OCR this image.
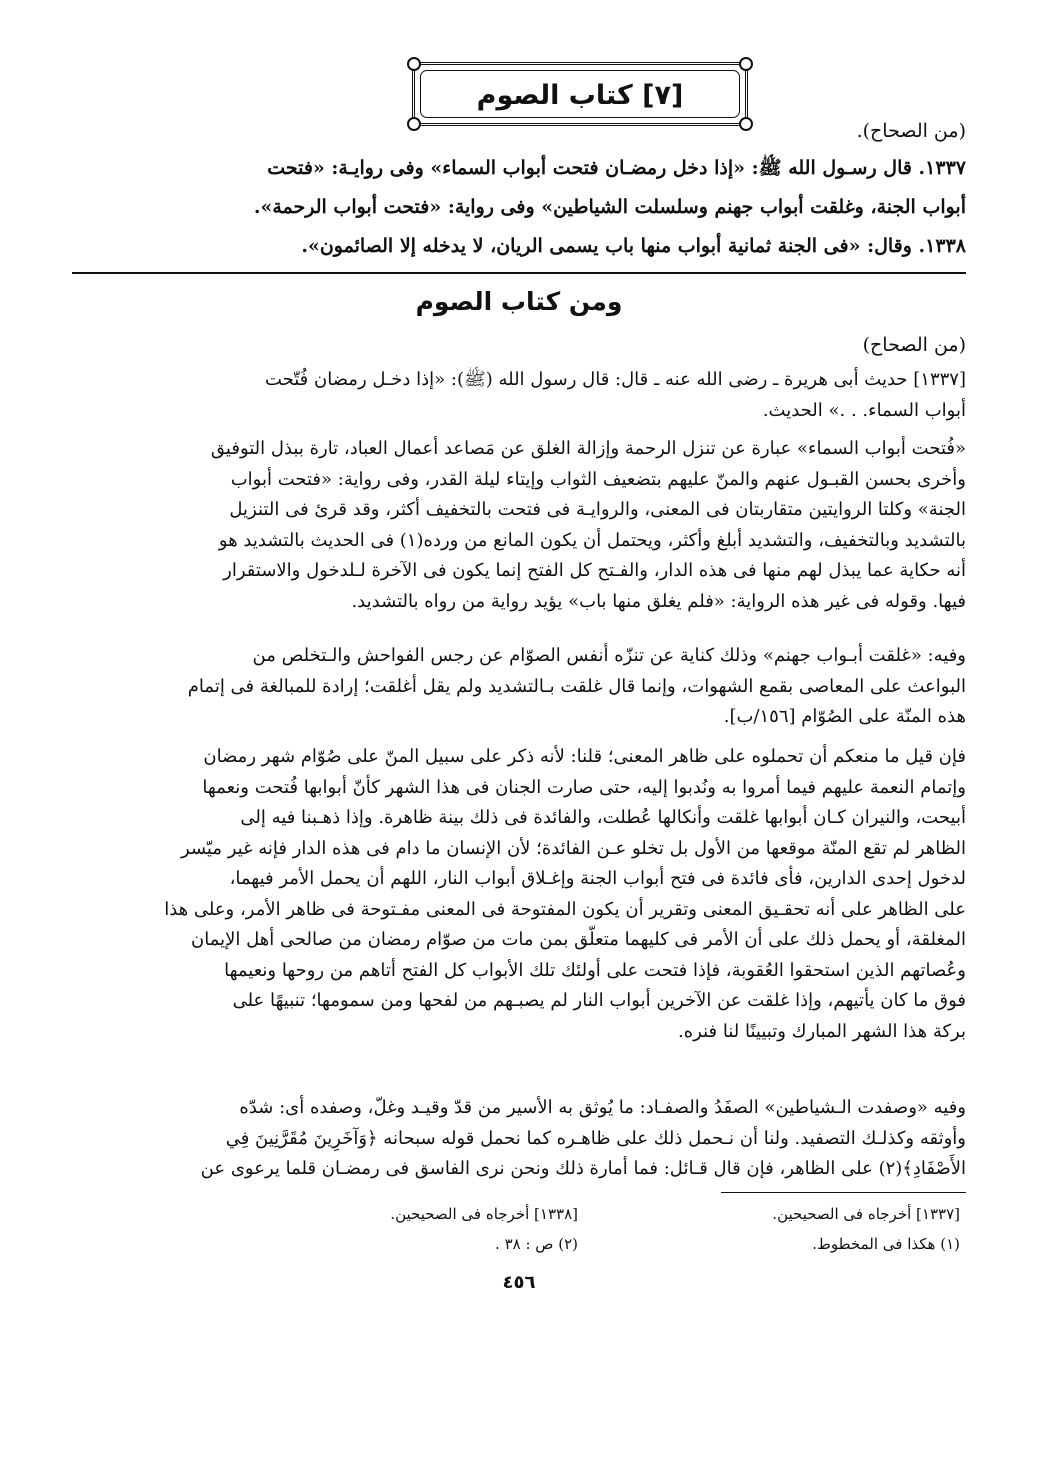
[٧] كتاب الصوم
(من الصحاح).
١٣٣٧. قال رسـول الله ﷺ: «إذا دخل رمضـان فتحت أبواب السماء» وفى روايـة: «فتحت
أبواب الجنة، وغلقت أبواب جهنم وسلسلت الشياطين» وفى رواية: «فتحت أبواب الرحمة».
١٣٣٨. وقال: «فى الجنة ثمانية أبواب منها باب يسمى الريان، لا يدخله إلا الصائمون».
ومن كتاب الصوم
(من الصحاح)
[١٣٣٧] حديث أبى هريرة ـ رضى الله عنه ـ قال: قال رسول الله (ﷺ): «إذا دخـل رمضان فُتّحت
أبواب السماء. . .» الحديث.
«فُتحت أبواب السماء» عبارة عن تنزل الرحمة وإزالة الغلق عن مَصاعد أعمال العباد، تارة ببذل التوفيق
وأخرى بحسن القبـول عنهم والمنّ عليهم بتضعيف الثواب وإيتاء ليلة القدر، وفى رواية: «فتحت أبواب
الجنة» وكلتا الروايتين متقاربتان فى المعنى، والروايـة فى فتحت بالتخفيف أكثر، وقد قرئ فى التنزيل
بالتشديد وبالتخفيف، والتشديد أبلغ وأكثر، ويحتمل أن يكون المانع من ورده(١) فى الحديث بالتشديد هو
أنه حكاية عما يبذل لهم منها فى هذه الدار، والفـتح كل الفتح إنما يكون فى الآخرة لـلدخول والاستقرار
فيها. وقوله فى غير هذه الرواية: «فلم يغلق منها باب» يؤيد رواية من رواه بالتشديد.
وفيه: «غلقت أبـواب جهنم» وذلك كناية عن تنزّه أنفس الصوّام عن رجس الفواحش والـتخلص من
البواعث على المعاصى بقمع الشهوات، وإنما قال غلقت بـالتشديد ولم يقل أغلقت؛ إرادة للمبالغة فى إتمام
هذه المنّة على الصُوّام [١٥٦/ب].
فإن قيل ما منعكم أن تحملوه على ظاهر المعنى؛ قلنا: لأنه ذكر على سبيل المنّ على صُوّام شهر رمضان
وإتمام النعمة عليهم فيما أمروا به ونُدبوا إليه، حتى صارت الجنان فى هذا الشهر كأنّ أبوابها فُتحت ونعمها
أبيحت، والنيران كـان أبوابها غلقت وأنكالها عُطلت، والفائدة فى ذلك بينة ظاهرة. وإذا ذهـبنا فيه إلى
الظاهر لم تقع المنّة موقعها من الأول بل تخلو عـن الفائدة؛ لأن الإنسان ما دام فى هذه الدار فإنه غير ميّسر
لدخول إحدى الدارين، فأى فائدة فى فتح أبواب الجنة وإغـلاق أبواب النار، اللهم أن يحمل الأمر فيهما،
على الظاهر على أنه تحقـيق المعنى وتقرير أن يكون المفتوحة فى المعنى مفـتوحة فى ظاهر الأمر، وعلى هذا
المغلقة، أو يحمل ذلك على أن الأمر فى كليهما متعلّق بمن مات من صوّام رمضان من صالحى أهل الإيمان
وعُصاتهم الذين استحقوا العُقوبة، فإذا فتحت على أولئك تلك الأبواب كل الفتح أتاهم من روحها ونعيمها
فوق ما كان يأتيهم، وإذا غلقت عن الآخرين أبواب النار لم يصبـهم من لفحها ومن سمومها؛ تنبيهًا على
بركة هذا الشهر المبارك وتبيينًا لنا فنره.
وفيه «وصفدت الـشياطين» الصفَدُ والصفـاد: ما يُوثق به الأسير من قدّ وقيـد وغلّ، وصفده أى: شدّه
وأوثقه وكذلـك التصفيد. ولنا أن نـحمل ذلك على ظاهـره كما نحمل قوله سبحانه ﴿وَآخَرِينَ مُقَرَّنِينَ فِي
الأَصْفَادِ﴾(٢) على الظاهر، فإن قال قـائل: فما أمارة ذلك ونحن نرى الفاسق فى رمضـان قلما يرعوى عن
[١٣٣٧] أخرجاه فى الصحيحين.
[١٣٣٨] أخرجاه فى الصحيحين.
(١) هكذا فى المخطوط.
(٢) ص : ٣٨ .
٤٥٦
